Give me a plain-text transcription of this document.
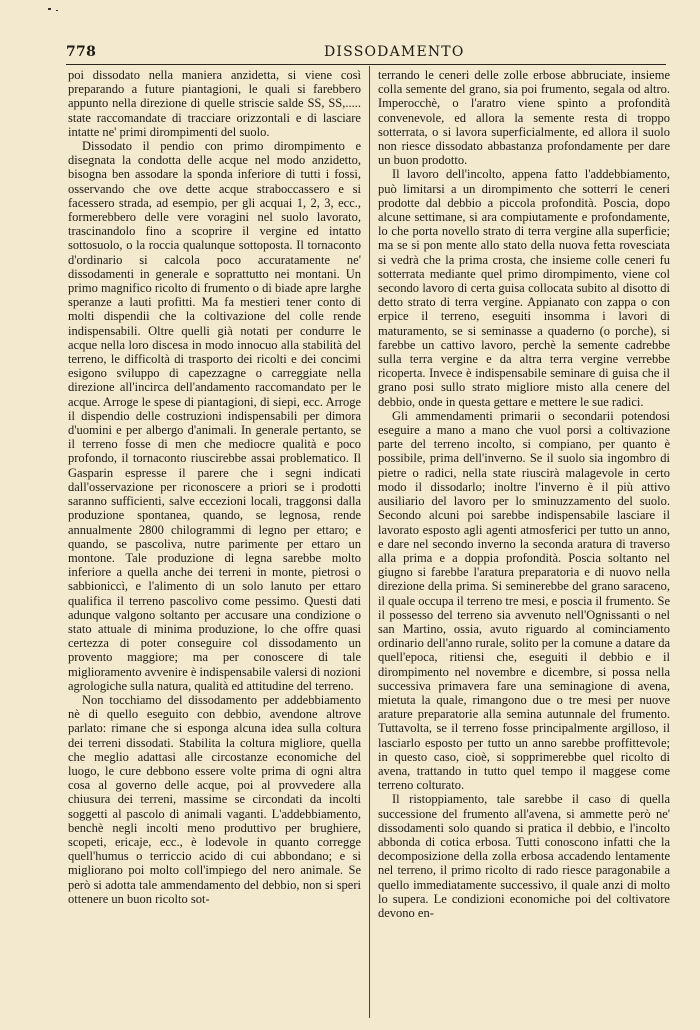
778	DISSODAMENTO

poi dissodato nella maniera anzidetta, si viene così preparando a future piantagioni, le quali si farebbero appunto nella direzione di quelle striscie salde SS, SS,..... state raccomandate di tracciare orizzontali e di lasciare intatte ne' primi dirompimenti del suolo.

Dissodato il pendio con primo dirompimento e disegnata la condotta delle acque nel modo anzidetto, bisogna ben assodare la sponda inferiore di tutti i fossi, osservando che ove dette acque straboccassero e si facessero strada, ad esempio, per gli acquai 1, 2, 3, ecc., formerebbero delle vere voragini nel suolo lavorato, trascinandolo fino a scoprire il vergine ed intatto sottosuolo, o la roccia qualunque sottoposta. Il tornaconto d'ordinario si calcola poco accuratamente ne' dissodamenti in generale e soprattutto nei montani. Un primo magnifico ricolto di frumento o di biade apre larghe speranze a lauti profitti. Ma fa mestieri tener conto di molti dispendii che la coltivazione del colle rende indispensabili. Oltre quelli già notati per condurre le acque nella loro discesa in modo innocuo alla stabilità del terreno, le difficoltà di trasporto dei ricolti e dei concimi esigono sviluppo di capezzagne o carreggiate nella direzione all'incirca dell'andamento raccomandato per le acque. Arroge le spese di piantagioni, di siepi, ecc. Arroge il dispendio delle costruzioni indispensabili per dimora d'uomini e per albergo d'animali. In generale pertanto, se il terreno fosse di men che mediocre qualità e poco profondo, il tornaconto riuscirebbe assai problematico. Il Gasparin espresse il parere che i segni indicati dall'osservazione per riconoscere a priori se i prodotti saranno sufficienti, salve eccezioni locali, traggonsi dalla produzione spontanea, quando, se legnosa, rende annualmente 2800 chilogrammi di legno per ettaro; e quando, se pascoliva, nutre parimente per ettaro un montone. Tale produzione di legna sarebbe molto inferiore a quella anche dei terreni in monte, pietrosi o sabbioniccì, e l'alimento di un solo lanuto per ettaro qualifica il terreno pascolivo come pessimo. Questi dati adunque valgono soltanto per accusare una condizione o stato attuale di minima produzione, lo che offre quasi certezza di poter conseguire col dissodamento un provento maggiore; ma per conoscere di tale miglioramento avvenire è indispensabile valersi di nozioni agrologiche sulla natura, qualità ed attitudine del terreno.

Non tocchiamo del dissodamento per addebbiamento nè di quello eseguito con debbio, avendone altrove parlato: rimane che si esponga alcuna idea sulla coltura dei terreni dissodati. Stabilita la coltura migliore, quella che meglio adattasi alle circostanze economiche del luogo, le cure debbono essere volte prima di ogni altra cosa al governo delle acque, poi al provvedere alla chiusura dei terreni, massime se circondati da incolti soggetti al pascolo di animali vaganti. L'addebbiamento, benchè negli incolti meno produttivo per brughiere, scopeti, ericaje, ecc., è lodevole in quanto corregge quell'humus o terriccio acido di cui abbondano; e si migliorano poi molto coll'impiego del nero animale. Se però si adotta tale ammendamento del debbio, non si speri ottenere un buon ricolto sot-

terrando le ceneri delle zolle erbose abbruciate, insieme colla semente del grano, sia poi frumento, segala od altro. Imperocchè, o l'aratro viene spinto a profondità convenevole, ed allora la semente resta di troppo sotterrata, o si lavora superficialmente, ed allora il suolo non riesce dissodato abbastanza profondamente per dare un buon prodotto.

Il lavoro dell'incolto, appena fatto l'addebbiamento, può limitarsi a un dirompimento che sotterri le ceneri prodotte dal debbio a piccola profondità. Poscia, dopo alcune settimane, si ara compiutamente e profondamente, lo che porta novello strato di terra vergine alla superficie; ma se si pon mente allo stato della nuova fetta rovesciata si vedrà che la prima crosta, che insieme colle ceneri fu sotterrata mediante quel primo dirompimento, viene col secondo lavoro di certa guisa collocata subito al disotto di detto strato di terra vergine. Appianato con zappa o con erpice il terreno, eseguiti insomma i lavori di maturamento, se si seminasse a quaderno (o porche), si farebbe un cattivo lavoro, perchè la semente cadrebbe sulla terra vergine e da altra terra vergine verrebbe ricoperta. Invece è indispensabile seminare di guisa che il grano posi sullo strato migliore misto alla cenere del debbio, onde in questa gettare e mettere le sue radici.

Gli ammendamenti primarii o secondarii potendosi eseguire a mano a mano che vuol porsi a coltivazione parte del terreno incolto, si compiano, per quanto è possibile, prima dell'inverno. Se il suolo sia ingombro di pietre o radici, nella state riuscirà malagevole in certo modo il dissodarlo; inoltre l'inverno è il più attivo ausiliario del lavoro per lo sminuzzamento del suolo. Secondo alcuni poi sarebbe indispensabile lasciare il lavorato esposto agli agenti atmosferici per tutto un anno, e dare nel secondo inverno la seconda aratura di traverso alla prima e a doppia profondità. Poscia soltanto nel giugno si farebbe l'aratura preparatoria e di nuovo nella direzione della prima. Si seminerebbe del grano saraceno, il quale occupa il terreno tre mesi, e poscia il frumento. Se il possesso del terreno sia avvenuto nell'Ognissanti o nel san Martino, ossia, avuto riguardo al cominciamento ordinario dell'anno rurale, solito per la comune a datare da quell'epoca, ritiensi che, eseguiti il debbio e il dirompimento nel novembre e dicembre, si possa nella successiva primavera fare una seminagione di avena, mietuta la quale, rimangono due o tre mesi per nuove arature preparatorie alla semina autunnale del frumento. Tuttavolta, se il terreno fosse principalmente argilloso, il lasciarlo esposto per tutto un anno sarebbe proffittevole; in questo caso, cioè, si sopprimerebbe quel ricolto di avena, trattando in tutto quel tempo il maggese come terreno colturato.

Il ristoppiamento, tale sarebbe il caso di quella successione del frumento all'avena, si ammette però ne' dissodamenti solo quando si pratica il debbio, e l'incolto abbonda di cotica erbosa. Tutti conoscono infatti che la decomposizione della zolla erbosa accadendo lentamente nel terreno, il primo ricolto di rado riesce paragonabile a quello immediatamente successivo, il quale anzi di molto lo supera. Le condizioni economiche poi del coltivatore devono en-
